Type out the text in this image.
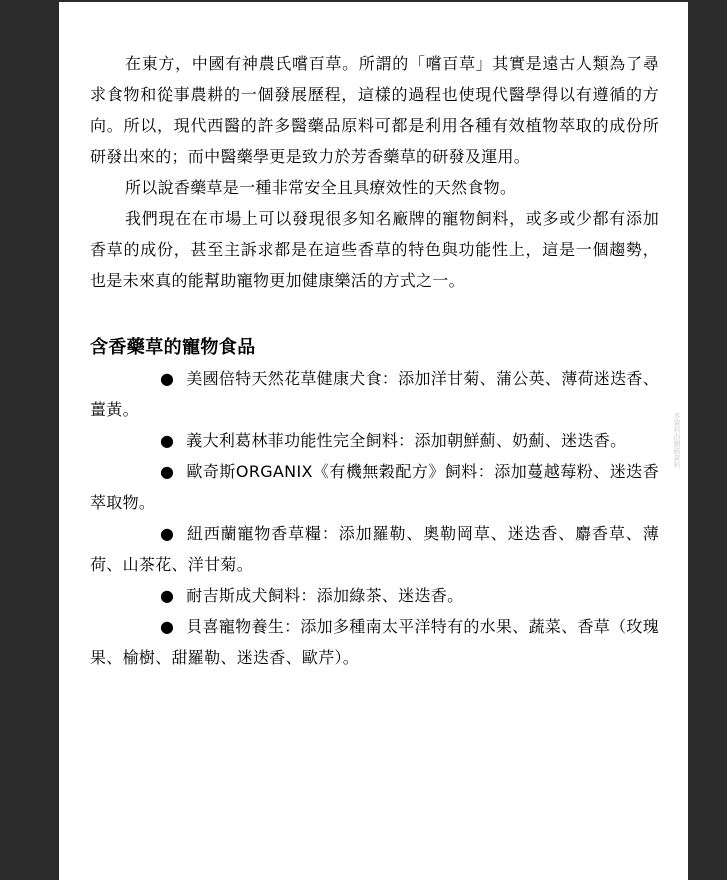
在東方，中國有神農氏嚐百草。所謂的「嚐百草」其實是遠古人類為了尋求食物和從事農耕的一個發展歷程，這樣的過程也使現代醫學得以有遵循的方向。所以，現代西醫的許多醫藥品原料可都是利用各種有效植物萃取的成份所研發出來的；而中醫藥學更是致力於芳香藥草的研發及運用。

所以說香藥草是一種非常安全且具療效性的天然食物。

我們現在在市場上可以發現很多知名廠牌的寵物飼料，或多或少都有添加香草的成份，甚至主訴求都是在這些香草的特色與功能性上，這是一個趨勢，也是未來真的能幫助寵物更加健康樂活的方式之一。

含香藥草的寵物食品

● 美國倍特天然花草健康犬食：添加洋甘菊、蒲公英、薄荷迷迭香、薑黃。

● 義大利葛林菲功能性完全飼料：添加朝鮮薊、奶薊、迷迭香。

● 歐奇斯ORGANIX《有機無穀配方》飼料：添加蔓越莓粉、迷迭香萃取物。

● 紐西蘭寵物香草糧：添加羅勒、奧勒岡草、迷迭香、麝香草、薄荷、山茶花、洋甘菊。

● 耐吉斯成犬飼料：添加綠茶、迷迭香。

● 貝喜寵物養生：添加多種南太平洋特有的水果、蔬菜、香草（玫瑰果、榆樹、甜羅勒、迷迭香、歐芹）。

本資料由網路資料
